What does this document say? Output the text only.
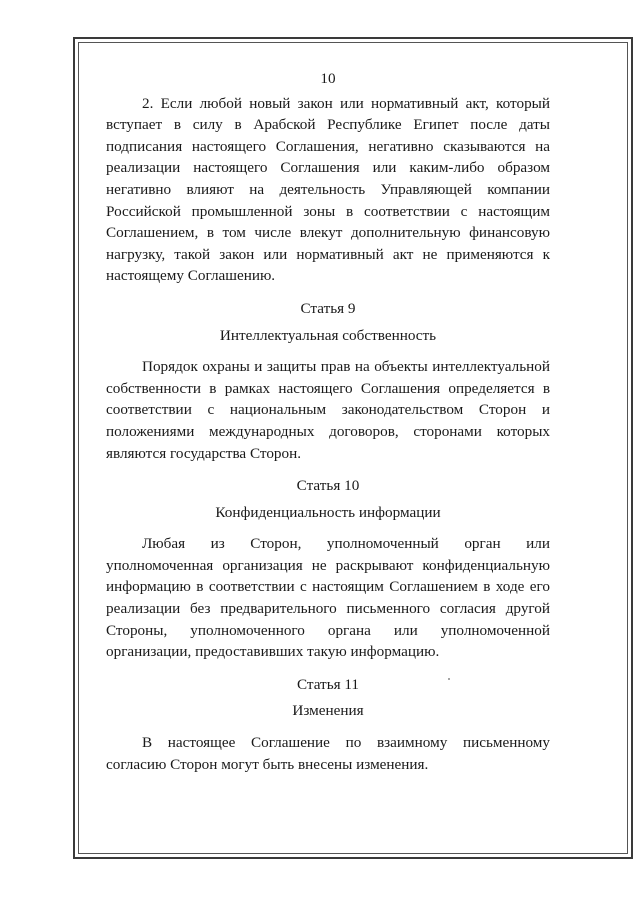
10

2. Если любой новый закон или нормативный акт, который вступает в силу в Арабской Республике Египет после даты подписания настоящего Соглашения, негативно сказываются на реализации настоящего Соглашения или каким-либо образом негативно влияют на деятельность Управляющей компании Российской промышленной зоны в соответствии с настоящим Соглашением, в том числе влекут дополнительную финансовую нагрузку, такой закон или нормативный акт не применяются к настоящему Соглашению.

Статья 9

Интеллектуальная собственность

Порядок охраны и защиты прав на объекты интеллектуальной собственности в рамках настоящего Соглашения определяется в соответствии с национальным законодательством Сторон и положениями международных договоров, сторонами которых являются государства Сторон.

Статья 10

Конфиденциальность информации

Любая из Сторон, уполномоченный орган или уполномоченная организация не раскрывают конфиденциальную информацию в соответствии с настоящим Соглашением в ходе его реализации без предварительного письменного согласия другой Стороны, уполномоченного органа или уполномоченной организации, предоставивших такую информацию.

Статья 11

Изменения

В настоящее Соглашение по взаимному письменному согласию Сторон могут быть внесены изменения.
